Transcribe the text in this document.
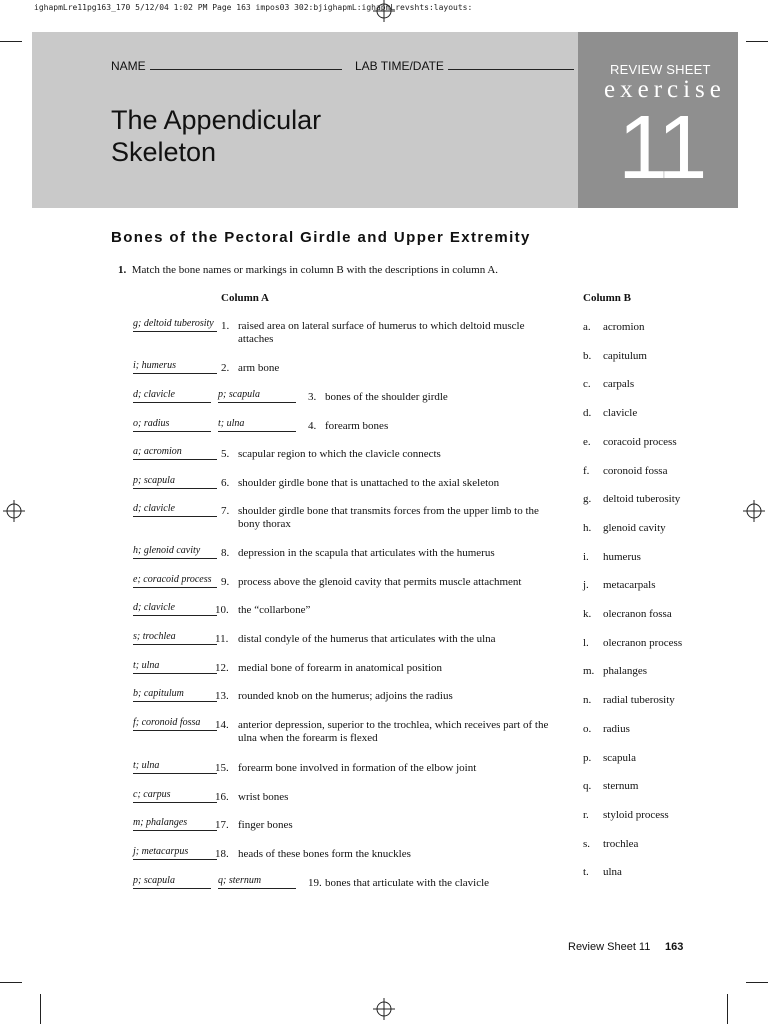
ighapmLre11pg163_170 5/12/04 1:02 PM Page 163 impos03 302:bjighapmL:ighapmLrevshts:layouts:
NAME	LAB TIME/DATE
The Appendicular
Skeleton
REVIEW SHEET
exercise
11
Bones of the Pectoral Girdle and Upper Extremity
1. Match the bone names or markings in column B with the descriptions in column A.
Column A	Column B
g; deltoid tuberosity 1. raised area on lateral surface of humerus to which deltoid muscle attaches
i; humerus	2. arm bone
d; clavicle	p; scapula	3. bones of the shoulder girdle
o; radius	t; ulna	4. forearm bones
a; acromion	5. scapular region to which the clavicle connects
p; scapula	6. shoulder girdle bone that is unattached to the axial skeleton
d; clavicle	7. shoulder girdle bone that transmits forces from the upper limb to the bony thorax
h; glenoid cavity	8. depression in the scapula that articulates with the humerus
e; coracoid process 9. process above the glenoid cavity that permits muscle attachment
d; clavicle	10. the “collarbone”
s; trochlea	11. distal condyle of the humerus that articulates with the ulna
t; ulna	12. medial bone of forearm in anatomical position
b; capitulum	13. rounded knob on the humerus; adjoins the radius
f; coronoid fossa	14. anterior depression, superior to the trochlea, which receives part of the ulna when the forearm is flexed
t; ulna	15. forearm bone involved in formation of the elbow joint
c; carpus	16. wrist bones
m; phalanges	17. finger bones
j; metacarpus	18. heads of these bones form the knuckles
p; scapula	q; sternum	19. bones that articulate with the clavicle
a.	acromion
b.	capitulum
c.	carpals
d.	clavicle
e.	coracoid process
f.	coronoid fossa
g.	deltoid tuberosity
h.	glenoid cavity
i.	humerus
j.	metacarpals
k.	olecranon fossa
l.	olecranon process
m. phalanges
n.	radial tuberosity
o.	radius
p.	scapula
q.	sternum
r.	styloid process
s.	trochlea
t.	ulna
Review Sheet 11 163
